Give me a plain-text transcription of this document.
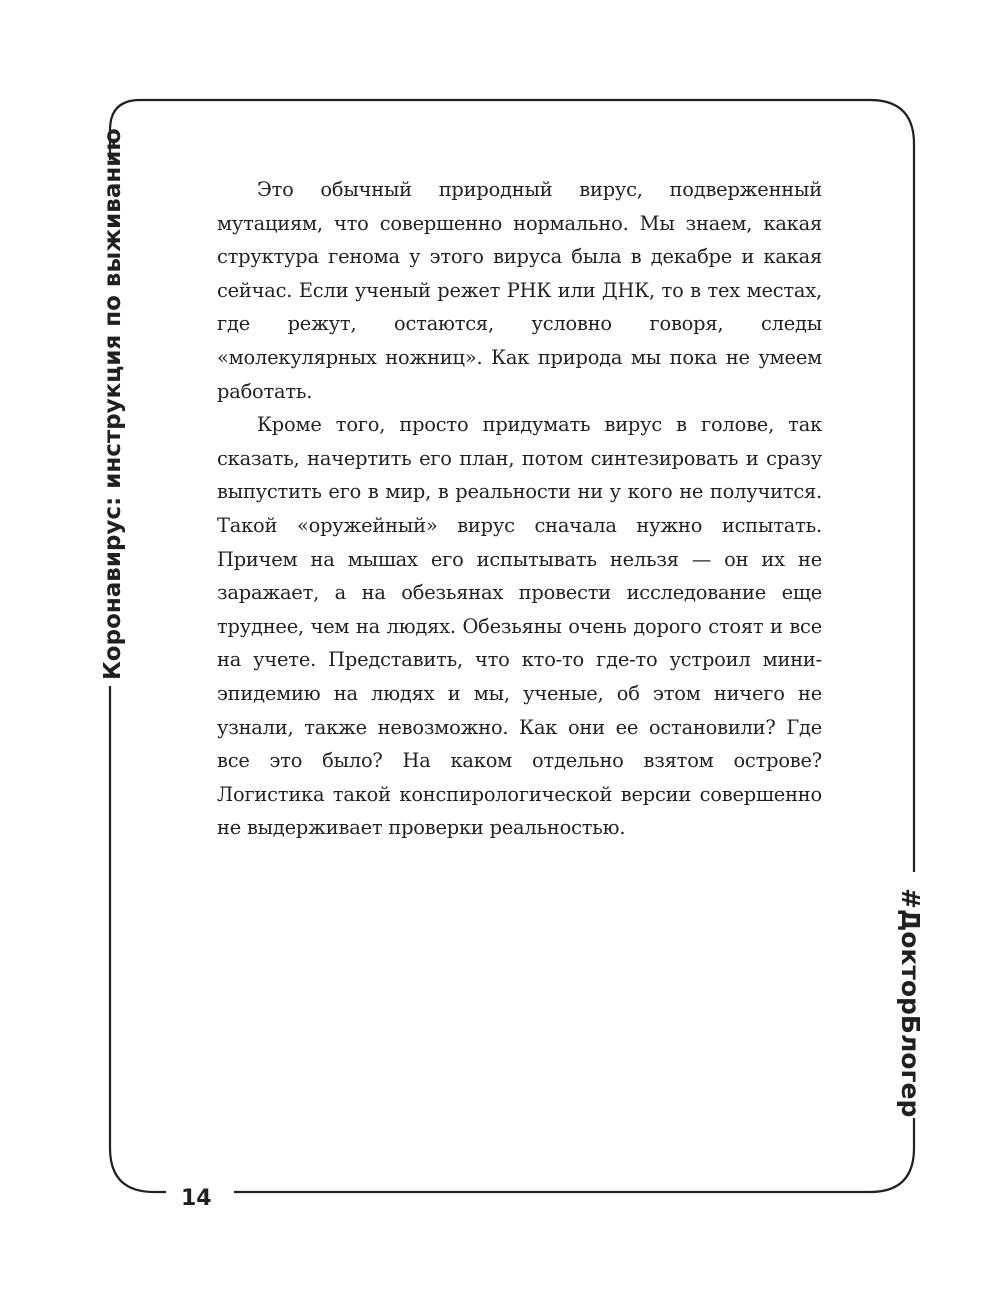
Коронавирус: инструкция по выживанию
#ДокторБлогер
14

Это обычный природный вирус, подверженный мутациям, что совершенно нормально. Мы знаем, какая структура генома у этого вируса была в декабре и какая сейчас. Если ученый режет РНК или ДНК, то в тех местах, где режут, остаются, условно говоря, следы «молекулярных ножниц». Как природа мы пока не умеем работать.

Кроме того, просто придумать вирус в голове, так сказать, начертить его план, потом синтезировать и сразу выпустить его в мир, в реальности ни у кого не получится. Такой «оружейный» вирус сначала нужно испытать. Причем на мышах его испытывать нельзя — он их не заражает, а на обезьянах провести исследование еще труднее, чем на людях. Обезьяны очень дорого стоят и все на учете. Представить, что кто-то где-то устроил мини-эпидемию на людях и мы, ученые, об этом ничего не узнали, также невозможно. Как они ее остановили? Где все это было? На каком отдельно взятом острове? Логистика такой конспирологической версии совершенно не выдерживает проверки реальностью.
